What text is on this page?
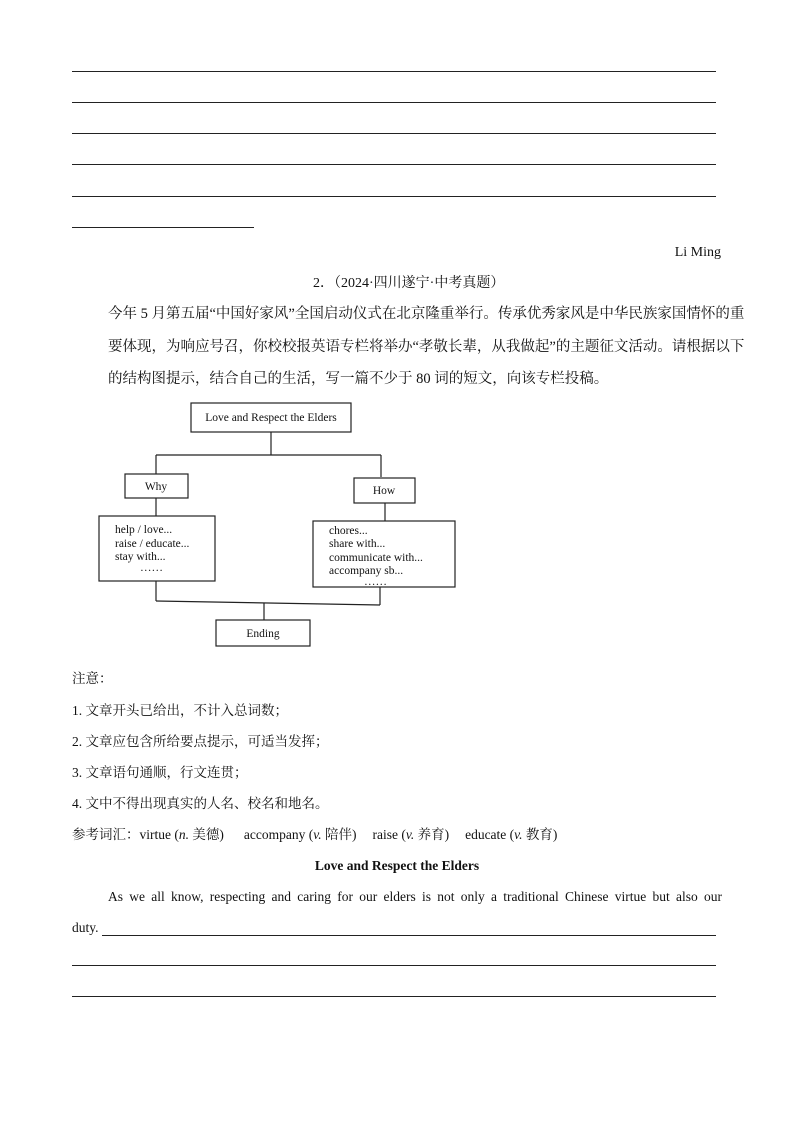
Li Ming
2．（2024·四川遂宁·中考真题）
今年 5 月第五届“中国好家风”全国启动仪式在北京隆重举行。传承优秀家风是中华民族家国情怀的重
要体现，为响应号召，你校校报英语专栏将举办“孝敬长辈，从我做起”的主题征文活动。请根据以下
的结构图提示，结合自己的生活，写一篇不少于 80 词的短文，向该专栏投稿。
Love and Respect the Elders
Why	How
help / love...
raise / educate...
stay with...
……
chores...
share with...
communicate with...
accompany sb...
……
Ending
注意：
1. 文章开头已给出，不计入总词数；
2. 文章应包含所给要点提示，可适当发挥；
3. 文章语句通顺，行文连贯；
4. 文中不得出现真实的人名、校名和地名。
参考词汇：virtue (n. 美德) accompany (v. 陪伴) raise (v. 养育) educate (v. 教育)
Love and Respect the Elders
As we all know, respecting and caring for our elders is not only a traditional Chinese virtue but also our
duty.
